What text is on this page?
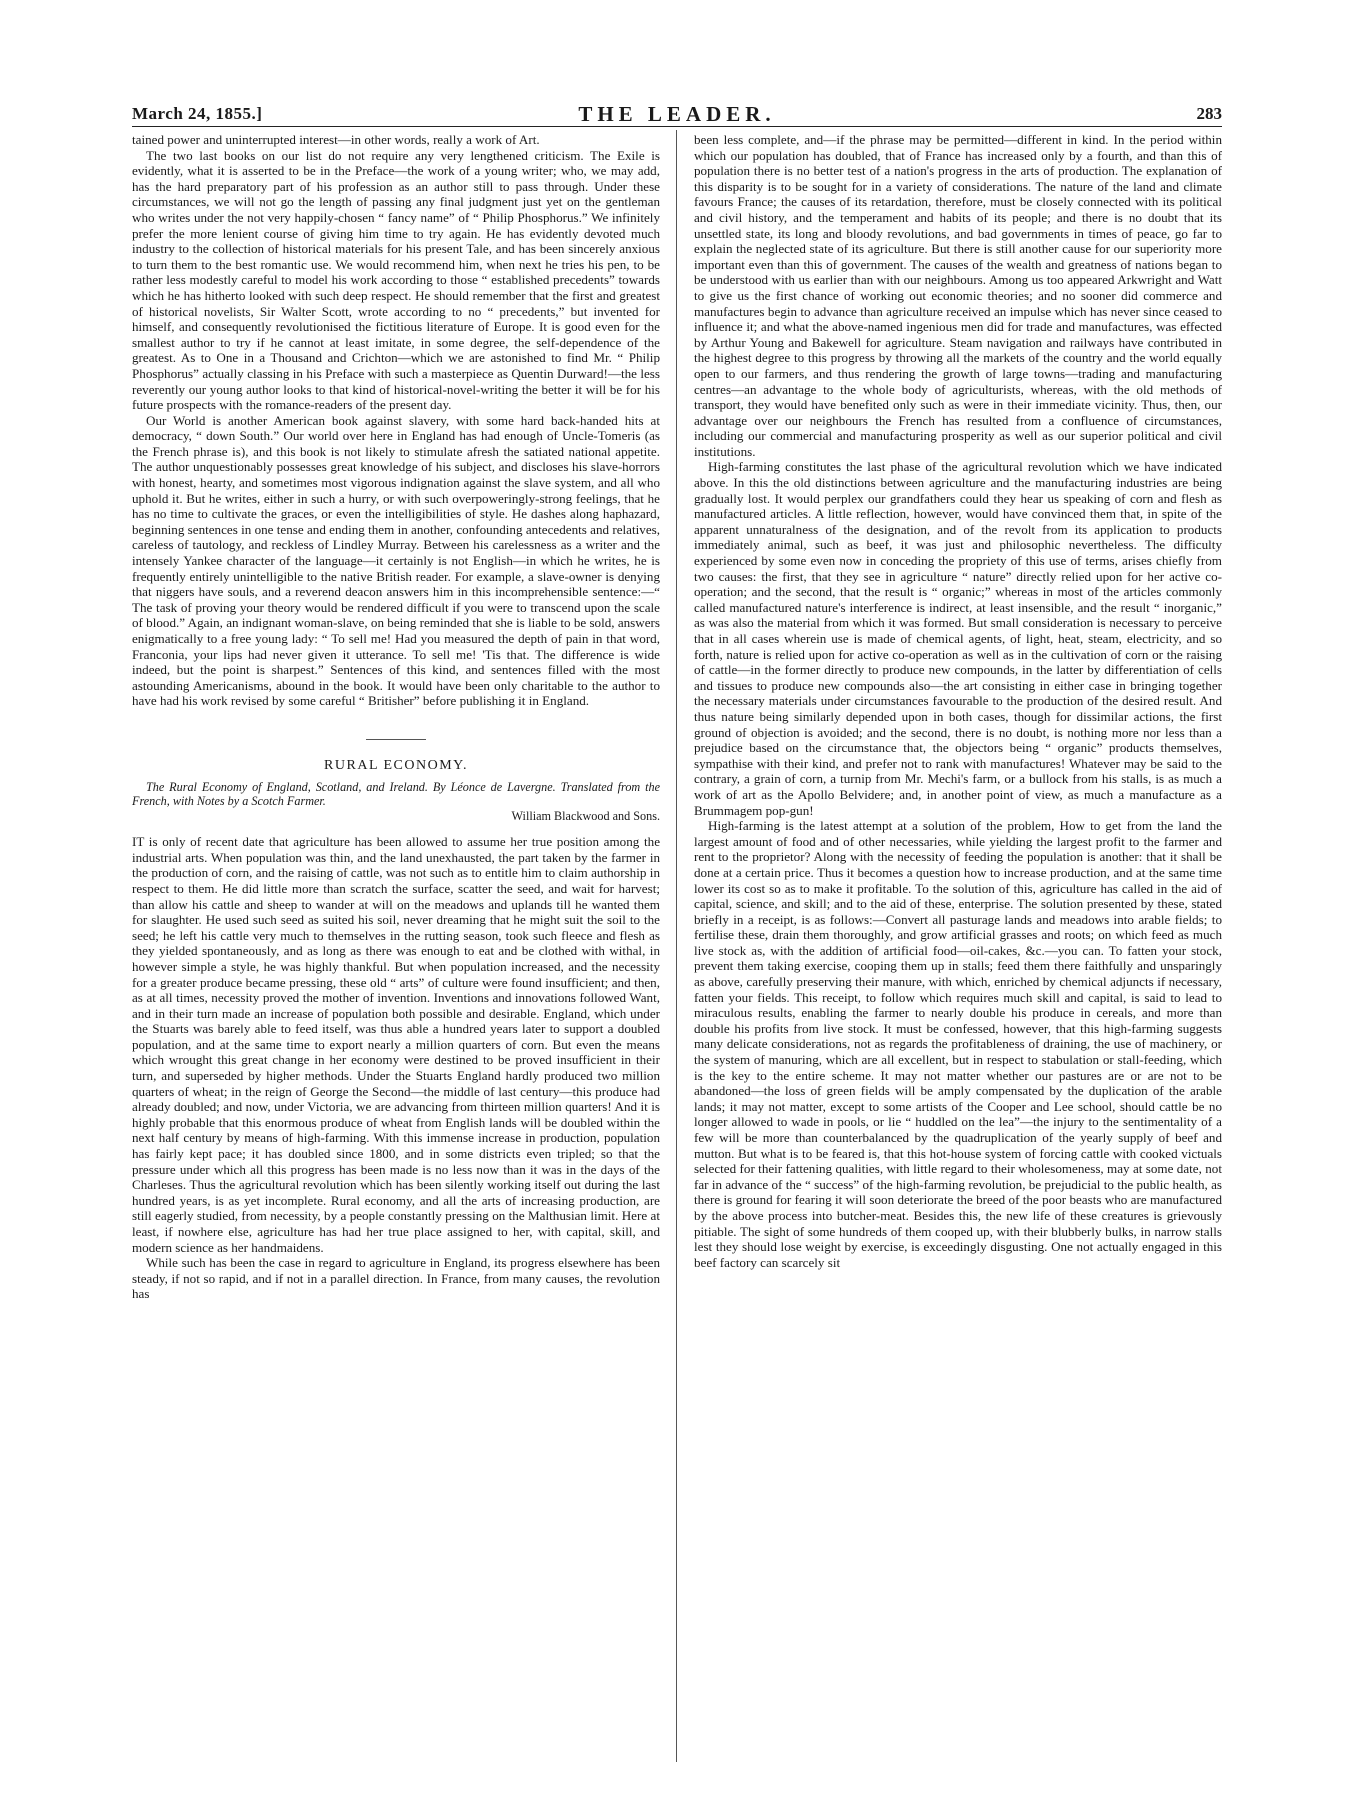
March 24, 1855.]	THE LEADER.	283

tained power and uninterrupted interest—in other words, really a work of Art.

The two last books on our list do not require any very lengthened criticism. The Exile is evidently, what it is asserted to be in the Preface—the work of a young writer; who, we may add, has the hard preparatory part of his profession as an author still to pass through. Under these circumstances, we will not go the length of passing any final judgment just yet on the gentleman who writes under the not very happily-chosen “ fancy name” of “ Philip Phosphorus.” We infinitely prefer the more lenient course of giving him time to try again. He has evidently devoted much industry to the collection of historical materials for his present Tale, and has been sincerely anxious to turn them to the best romantic use. We would recommend him, when next he tries his pen, to be rather less modestly careful to model his work according to those “ established precedents” towards which he has hitherto looked with such deep respect. He should remember that the first and greatest of historical novelists, Sir Walter Scott, wrote according to no “ precedents,” but invented for himself, and consequently revolutionised the fictitious literature of Europe. It is good even for the smallest author to try if he cannot at least imitate, in some degree, the self-dependence of the greatest. As to One in a Thousand and Crichton—which we are astonished to find Mr. “ Philip Phosphorus” actually classing in his Preface with such a masterpiece as Quentin Durward!—the less reverently our young author looks to that kind of historical-novel-writing the better it will be for his future prospects with the romance-readers of the present day.

Our World is another American book against slavery, with some hard back-handed hits at democracy, “ down South.” Our world over here in England has had enough of Uncle-Tomeris (as the French phrase is), and this book is not likely to stimulate afresh the satiated national appetite. The author unquestionably possesses great knowledge of his subject, and discloses his slave-horrors with honest, hearty, and sometimes most vigorous indignation against the slave system, and all who uphold it. But he writes, either in such a hurry, or with such overpoweringly-strong feelings, that he has no time to cultivate the graces, or even the intelligibilities of style. He dashes along haphazard, beginning sentences in one tense and ending them in another, confounding antecedents and relatives, careless of tautology, and reckless of Lindley Murray. Between his carelessness as a writer and the intensely Yankee character of the language—it certainly is not English—in which he writes, he is frequently entirely unintelligible to the native British reader. For example, a slave-owner is denying that niggers have souls, and a reverend deacon answers him in this incomprehensible sentence:—“ The task of proving your theory would be rendered difficult if you were to transcend upon the scale of blood.” Again, an indignant woman-slave, on being reminded that she is liable to be sold, answers enigmatically to a free young lady: “ To sell me! Had you measured the depth of pain in that word, Franconia, your lips had never given it utterance. To sell me! 'Tis that. The difference is wide indeed, but the point is sharpest.” Sentences of this kind, and sentences filled with the most astounding Americanisms, abound in the book. It would have been only charitable to the author to have had his work revised by some careful “ Britisher” before publishing it in England.

RURAL ECONOMY.

The Rural Economy of England, Scotland, and Ireland. By Léonce de Lavergne. Translated from the French, with Notes by a Scotch Farmer.

William Blackwood and Sons.

IT is only of recent date that agriculture has been allowed to assume her true position among the industrial arts. When population was thin, and the land unexhausted, the part taken by the farmer in the production of corn, and the raising of cattle, was not such as to entitle him to claim authorship in respect to them. He did little more than scratch the surface, scatter the seed, and wait for harvest; than allow his cattle and sheep to wander at will on the meadows and uplands till he wanted them for slaughter. He used such seed as suited his soil, never dreaming that he might suit the soil to the seed; he left his cattle very much to themselves in the rutting season, took such fleece and flesh as they yielded spontaneously, and as long as there was enough to eat and be clothed with withal, in however simple a style, he was highly thankful. But when population increased, and the necessity for a greater produce became pressing, these old “ arts” of culture were found insufficient; and then, as at all times, necessity proved the mother of invention. Inventions and innovations followed Want, and in their turn made an increase of population both possible and desirable. England, which under the Stuarts was barely able to feed itself, was thus able a hundred years later to support a doubled population, and at the same time to export nearly a million quarters of corn. But even the means which wrought this great change in her economy were destined to be proved insufficient in their turn, and superseded by higher methods. Under the Stuarts England hardly produced two million quarters of wheat; in the reign of George the Second—the middle of last century—this produce had already doubled; and now, under Victoria, we are advancing from thirteen million quarters! And it is highly probable that this enormous produce of wheat from English lands will be doubled within the next half century by means of high-farming. With this immense increase in production, population has fairly kept pace; it has doubled since 1800, and in some districts even tripled; so that the pressure under which all this progress has been made is no less now than it was in the days of the Charleses. Thus the agricultural revolution which has been silently working itself out during the last hundred years, is as yet incomplete. Rural economy, and all the arts of increasing production, are still eagerly studied, from necessity, by a people constantly pressing on the Malthusian limit. Here at least, if nowhere else, agriculture has had her true place assigned to her, with capital, skill, and modern science as her handmaidens.

While such has been the case in regard to agriculture in England, its progress elsewhere has been steady, if not so rapid, and if not in a parallel direction. In France, from many causes, the revolution has

been less complete, and—if the phrase may be permitted—different in kind. In the period within which our population has doubled, that of France has increased only by a fourth, and than this of population there is no better test of a nation's progress in the arts of production. The explanation of this disparity is to be sought for in a variety of considerations. The nature of the land and climate favours France; the causes of its retardation, therefore, must be closely connected with its political and civil history, and the temperament and habits of its people; and there is no doubt that its unsettled state, its long and bloody revolutions, and bad governments in times of peace, go far to explain the neglected state of its agriculture. But there is still another cause for our superiority more important even than this of government. The causes of the wealth and greatness of nations began to be understood with us earlier than with our neighbours. Among us too appeared Arkwright and Watt to give us the first chance of working out economic theories; and no sooner did commerce and manufactures begin to advance than agriculture received an impulse which has never since ceased to influence it; and what the above-named ingenious men did for trade and manufactures, was effected by Arthur Young and Bakewell for agriculture. Steam navigation and railways have contributed in the highest degree to this progress by throwing all the markets of the country and the world equally open to our farmers, and thus rendering the growth of large towns—trading and manufacturing centres—an advantage to the whole body of agriculturists, whereas, with the old methods of transport, they would have benefited only such as were in their immediate vicinity. Thus, then, our advantage over our neighbours the French has resulted from a confluence of circumstances, including our commercial and manufacturing prosperity as well as our superior political and civil institutions.

High-farming constitutes the last phase of the agricultural revolution which we have indicated above. In this the old distinctions between agriculture and the manufacturing industries are being gradually lost. It would perplex our grandfathers could they hear us speaking of corn and flesh as manufactured articles. A little reflection, however, would have convinced them that, in spite of the apparent unnaturalness of the designation, and of the revolt from its application to products immediately animal, such as beef, it was just and philosophic nevertheless. The difficulty experienced by some even now in conceding the propriety of this use of terms, arises chiefly from two causes: the first, that they see in agriculture “ nature” directly relied upon for her active co-operation; and the second, that the result is “ organic;” whereas in most of the articles commonly called manufactured nature's interference is indirect, at least insensible, and the result “ inorganic,” as was also the material from which it was formed. But small consideration is necessary to perceive that in all cases wherein use is made of chemical agents, of light, heat, steam, electricity, and so forth, nature is relied upon for active co-operation as well as in the cultivation of corn or the raising of cattle—in the former directly to produce new compounds, in the latter by differentiation of cells and tissues to produce new compounds also—the art consisting in either case in bringing together the necessary materials under circumstances favourable to the production of the desired result. And thus nature being similarly depended upon in both cases, though for dissimilar actions, the first ground of objection is avoided; and the second, there is no doubt, is nothing more nor less than a prejudice based on the circumstance that, the objectors being “ organic” products themselves, sympathise with their kind, and prefer not to rank with manufactures! Whatever may be said to the contrary, a grain of corn, a turnip from Mr. Mechi's farm, or a bullock from his stalls, is as much a work of art as the Apollo Belvidere; and, in another point of view, as much a manufacture as a Brummagem pop-gun!

High-farming is the latest attempt at a solution of the problem, How to get from the land the largest amount of food and of other necessaries, while yielding the largest profit to the farmer and rent to the proprietor? Along with the necessity of feeding the population is another: that it shall be done at a certain price. Thus it becomes a question how to increase production, and at the same time lower its cost so as to make it profitable. To the solution of this, agriculture has called in the aid of capital, science, and skill; and to the aid of these, enterprise. The solution presented by these, stated briefly in a receipt, is as follows:—Convert all pasturage lands and meadows into arable fields; to fertilise these, drain them thoroughly, and grow artificial grasses and roots; on which feed as much live stock as, with the addition of artificial food—oil-cakes, &c.—you can. To fatten your stock, prevent them taking exercise, cooping them up in stalls; feed them there faithfully and unsparingly as above, carefully preserving their manure, with which, enriched by chemical adjuncts if necessary, fatten your fields. This receipt, to follow which requires much skill and capital, is said to lead to miraculous results, enabling the farmer to nearly double his produce in cereals, and more than double his profits from live stock. It must be confessed, however, that this high-farming suggests many delicate considerations, not as regards the profitableness of draining, the use of machinery, or the system of manuring, which are all excellent, but in respect to stabulation or stall-feeding, which is the key to the entire scheme. It may not matter whether our pastures are or are not to be abandoned—the loss of green fields will be amply compensated by the duplication of the arable lands; it may not matter, except to some artists of the Cooper and Lee school, should cattle be no longer allowed to wade in pools, or lie “ huddled on the lea”—the injury to the sentimentality of a few will be more than counterbalanced by the quadruplication of the yearly supply of beef and mutton. But what is to be feared is, that this hot-house system of forcing cattle with cooked victuals selected for their fattening qualities, with little regard to their wholesomeness, may at some date, not far in advance of the “ success” of the high-farming revolution, be prejudicial to the public health, as there is ground for fearing it will soon deteriorate the breed of the poor beasts who are manufactured by the above process into butcher-meat. Besides this, the new life of these creatures is grievously pitiable. The sight of some hundreds of them cooped up, with their blubberly bulks, in narrow stalls lest they should lose weight by exercise, is exceedingly disgusting. One not actually engaged in this beef factory can scarcely sit
